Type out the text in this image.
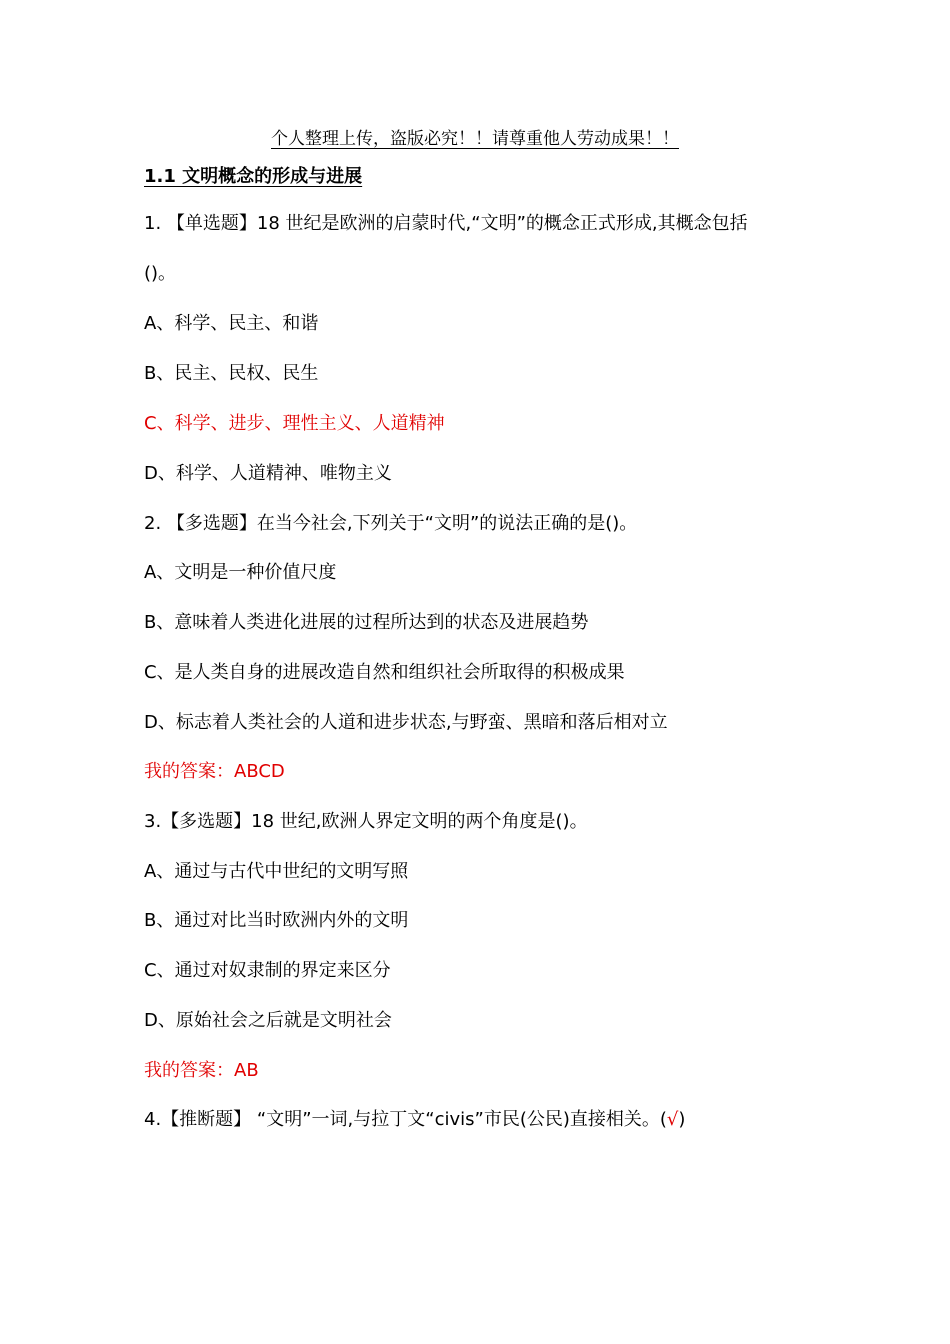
个人整理上传，盗版必究！！请尊重他人劳动成果！！
1.1 文明概念的形成与进展
1. 【单选题】18 世纪是欧洲的启蒙时代,“文明”的概念正式形成,其概念包括
()。
A、科学、民主、和谐
B、民主、民权、民生
C、科学、进步、理性主义、人道精神
D、科学、人道精神、唯物主义
2. 【多选题】在当今社会,下列关于“文明”的说法正确的是()。
A、文明是一种价值尺度
B、意味着人类进化进展的过程所达到的状态及进展趋势
C、是人类自身的进展改造自然和组织社会所取得的积极成果
D、标志着人类社会的人道和进步状态,与野蛮、黑暗和落后相对立
我的答案：ABCD
3.【多选题】18 世纪,欧洲人界定文明的两个角度是()。
A、通过与古代中世纪的文明写照
B、通过对比当时欧洲内外的文明
C、通过对奴隶制的界定来区分
D、原始社会之后就是文明社会
我的答案：AB
4.【推断题】 “文明”一词,与拉丁文“civis”市民(公民)直接相关。(√)
